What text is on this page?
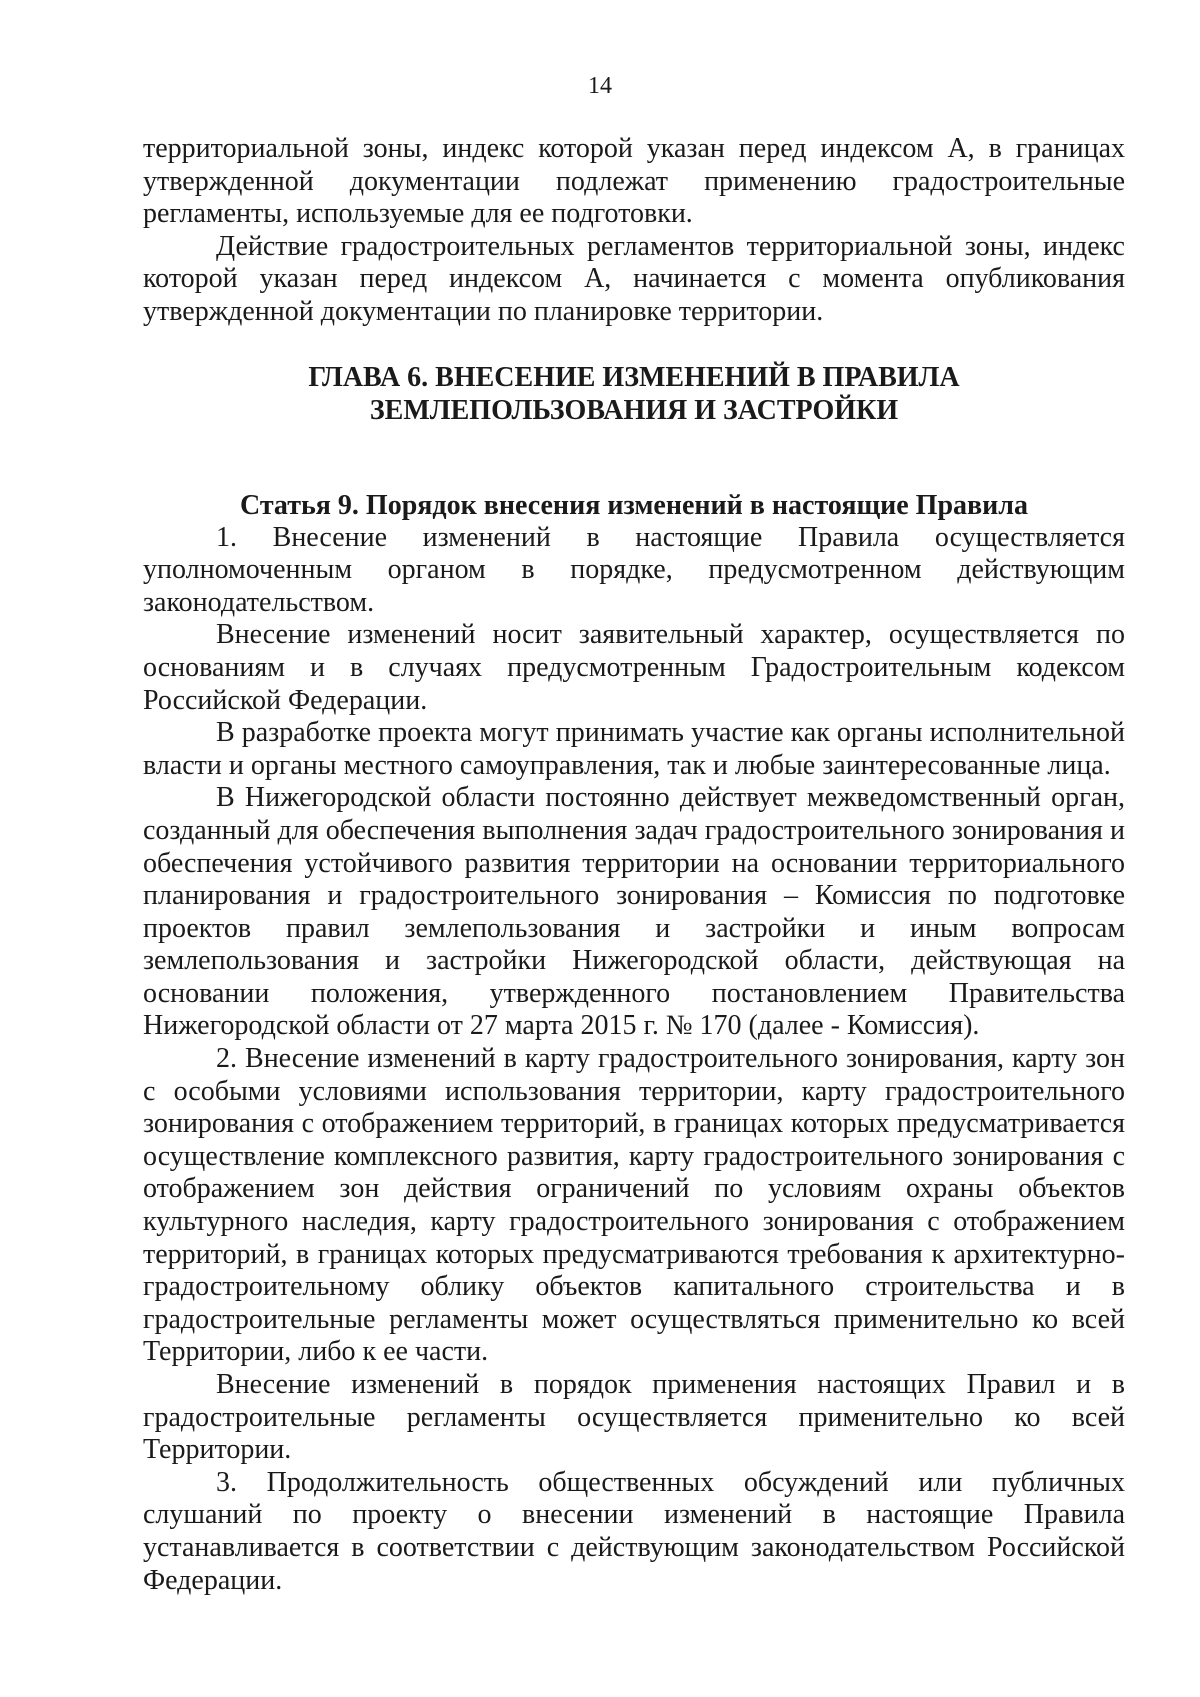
14

территориальной зоны, индекс которой указан перед индексом А, в границах утвержденной документации подлежат применению градостроительные регламенты, используемые для ее подготовки.

Действие градостроительных регламентов территориальной зоны, индекс которой указан перед индексом А, начинается с момента опубликования утвержденной документации по планировке территории.

ГЛАВА 6. ВНЕСЕНИЕ ИЗМЕНЕНИЙ В ПРАВИЛА
ЗЕМЛЕПОЛЬЗОВАНИЯ И ЗАСТРОЙКИ
Статья 9. Порядок внесения изменений в настоящие Правила

1. Внесение изменений в настоящие Правила осуществляется уполномоченным органом в порядке, предусмотренном действующим законодательством.

Внесение изменений носит заявительный характер, осуществляется по основаниям и в случаях предусмотренным Градостроительным кодексом Российской Федерации.

В разработке проекта могут принимать участие как органы исполнительной власти и органы местного самоуправления, так и любые заинтересованные лица.

В Нижегородской области постоянно действует межведомственный орган, созданный для обеспечения выполнения задач градостроительного зонирования и обеспечения устойчивого развития территории на основании территориального планирования и градостроительного зонирования – Комиссия по подготовке проектов правил землепользования и застройки и иным вопросам землепользования и застройки Нижегородской области, действующая на основании положения, утвержденного постановлением Правительства Нижегородской области от 27 марта 2015 г. № 170 (далее - Комиссия).

2. Внесение изменений в карту градостроительного зонирования, карту зон с особыми условиями использования территории, карту градостроительного зонирования с отображением территорий, в границах которых предусматривается осуществление комплексного развития, карту градостроительного зонирования с отображением зон действия ограничений по условиям охраны объектов культурного наследия, карту градостроительного зонирования с отображением территорий, в границах которых предусматриваются требования к архитектурно-градостроительному облику объектов капитального строительства и в градостроительные регламенты может осуществляться применительно ко всей Территории, либо к ее части.

Внесение изменений в порядок применения настоящих Правил и в градостроительные регламенты осуществляется применительно ко всей Территории.

3. Продолжительность общественных обсуждений или публичных слушаний по проекту о внесении изменений в настоящие Правила устанавливается в соответствии с действующим законодательством Российской Федерации.
